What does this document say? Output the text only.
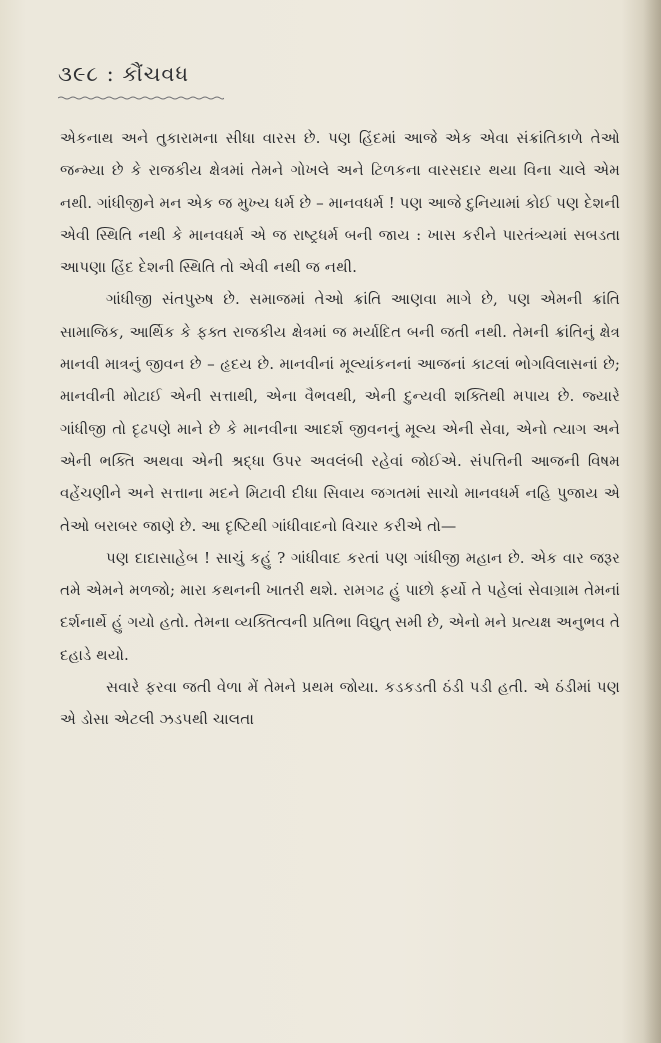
૩૯૮ : કૌંચવધ

એકનાથ અને તુકારામના સીધા વારસ છે. પણ હિંદમાં આજે એક એવા સંક્રાંતિકાળે તેઓ જન્મ્યા છે કે રાજકીય ક્ષેત્રમાં તેમને ગોખલે અને ટિળકના વારસદાર થયા વિના ચાલે એમ નથી. ગાંધીજીને મન એક જ મુખ્ય ધર્મ છે – માનવધર્મ ! પણ આજે દુનિયામાં કોઈ પણ દેશની એવી સ્થિતિ નથી કે માનવધર્મ એ જ રાષ્ટ્રધર્મ બની જાય : ખાસ કરીને પારતંત્ર્યમાં સબડતા આપણા હિંદ દેશની સ્થિતિ તો એવી નથી જ નથી.

ગાંધીજી સંતપુરુષ છે. સમાજમાં તેઓ ક્રાંતિ આણવા માગે છે, પણ એમની ક્રાંતિ સામાજિક, આર્થિક કે ફક્ત રાજકીય ક્ષેત્રમાં જ મર્યાદિત બની જતી નથી. તેમની ક્રાંતિનું ક્ષેત્ર માનવી માત્રનું જીવન છે – હૃદય છે. માનવીનાં મૂલ્યાંકનનાં આજનાં કાટલાં ભોગવિલાસનાં છે; માનવીની મોટાઈ એની સત્તાથી, એના વૈભવથી, એની દુન્યવી શક્તિથી મપાય છે. જ્યારે ગાંધીજી તો દૃઢપણે માને છે કે માનવીના આદર્શ જીવનનું મૂલ્ય એની સેવા, એનો ત્યાગ અને એની ભક્તિ અથવા એની શ્રદ્ધા ઉપર અવલંબી રહેવાં જોઈએ. સંપત્તિની આજની વિષમ વહેંચણીને અને સત્તાના મદને મિટાવી દીધા સિવાય જગતમાં સાચો માનવધર્મ નહિ પુજાય એ તેઓ બરાબર જાણે છે. આ દૃષ્ટિથી ગાંધીવાદનો વિચાર કરીએ તો—

પણ દાદાસાહેબ ! સાચું કહું ? ગાંધીવાદ કરતાં પણ ગાંધીજી મહાન છે. એક વાર જરૂર તમે એમને મળજો; મારા કથનની ખાતરી થશે. રામગઢ હું પાછો ફર્યો તે પહેલાં સેવાગ્રામ તેમનાં દર્શનાર્થે હું ગયો હતો. તેમના વ્યક્તિત્વની પ્રતિભા વિદ્યુત્ સમી છે, એનો મને પ્રત્યક્ષ અનુભવ તે દહાડે થયો.

સવારે ફરવા જતી વેળા મેં તેમને પ્રથમ જોયા. કડકડતી ઠંડી પડી હતી. એ ઠંડીમાં પણ એ ડોસા એટલી ઝડપથી ચાલતા
